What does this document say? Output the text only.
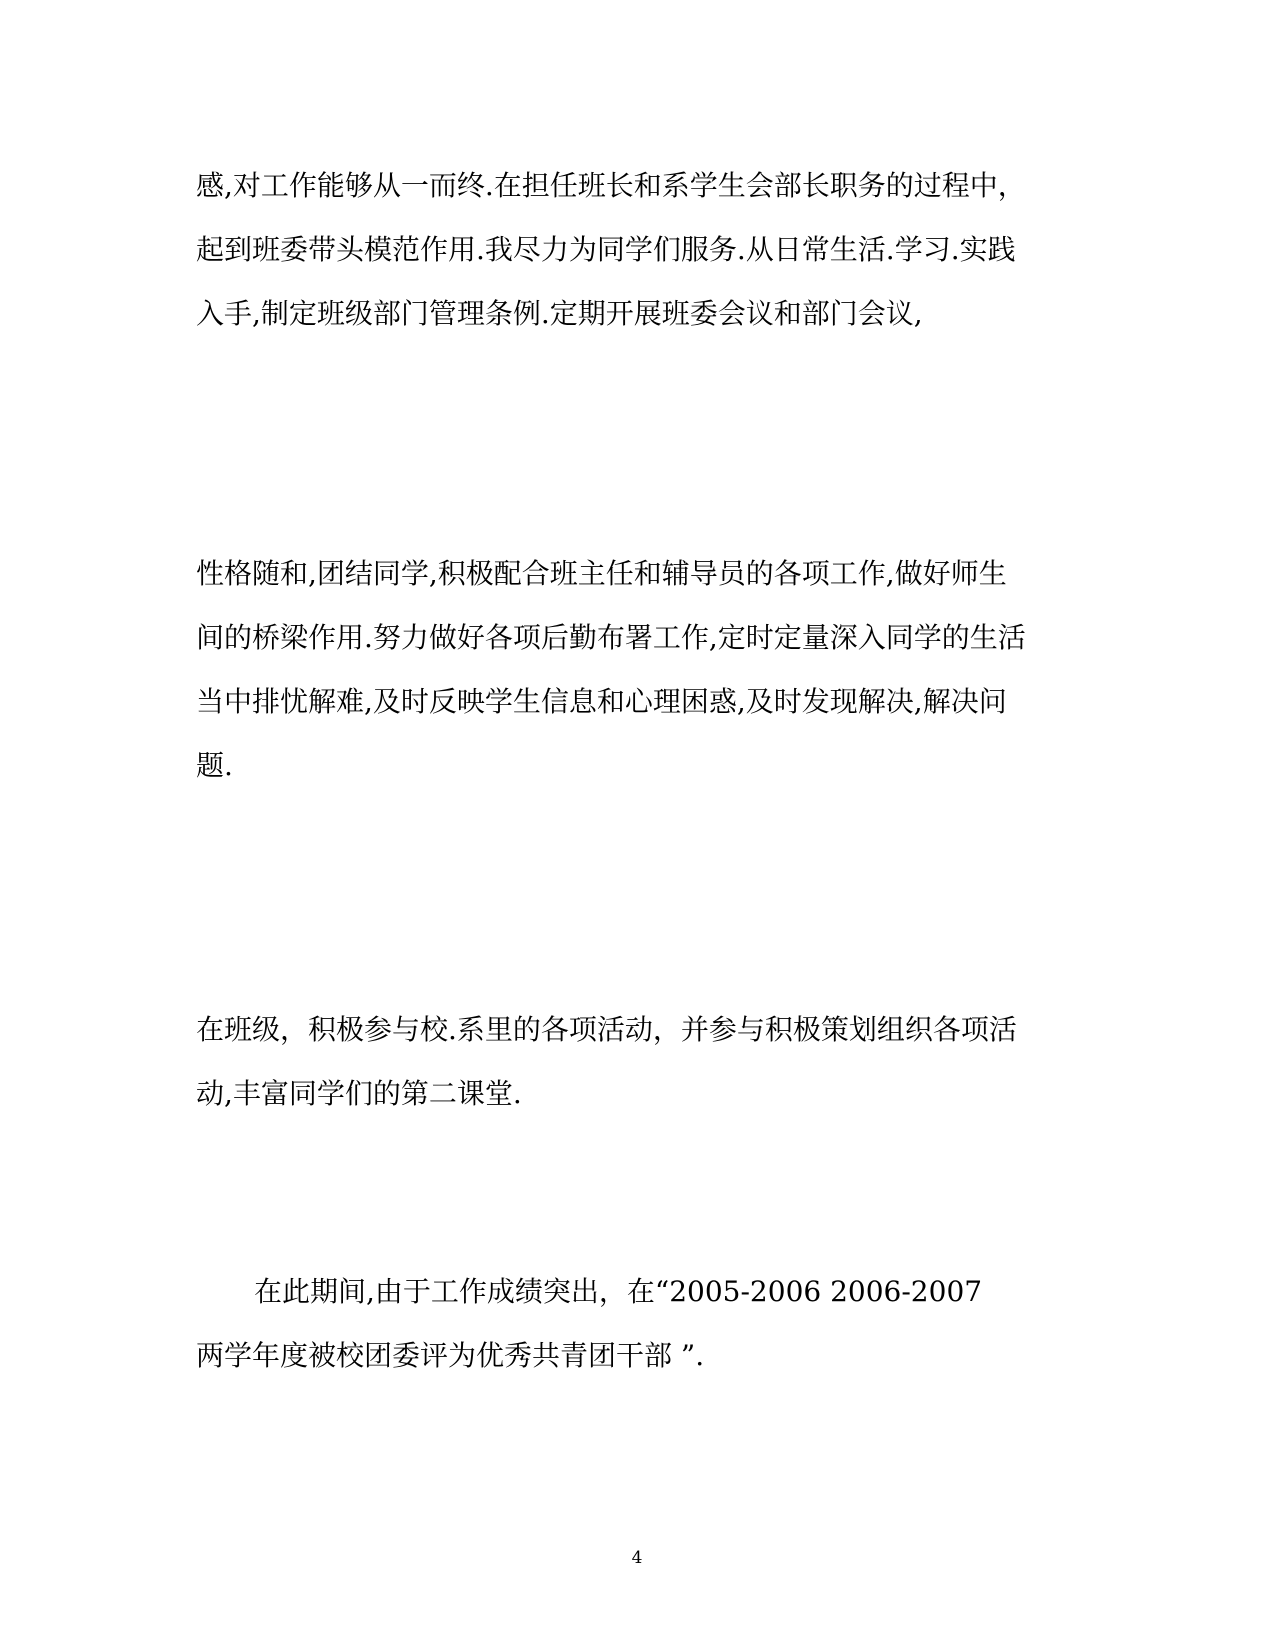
感,对工作能够从一而终.在担任班长和系学生会部长职务的过程中，
起到班委带头模范作用.我尽力为同学们服务.从日常生活.学习.实践
入手,制定班级部门管理条例.定期开展班委会议和部门会议,
性格随和,团结同学,积极配合班主任和辅导员的各项工作,做好师生
间的桥梁作用.努力做好各项后勤布署工作,定时定量深入同学的生活
当中排忧解难,及时反映学生信息和心理困惑,及时发现解决,解决问
题.
在班级，积极参与校.系里的各项活动，并参与积极策划组织各项活
动,丰富同学们的第二课堂.
在此期间,由于工作成绩突出，在“2005-2006 2006-2007
两学年度被校团委评为优秀共青团干部 ”.
4
